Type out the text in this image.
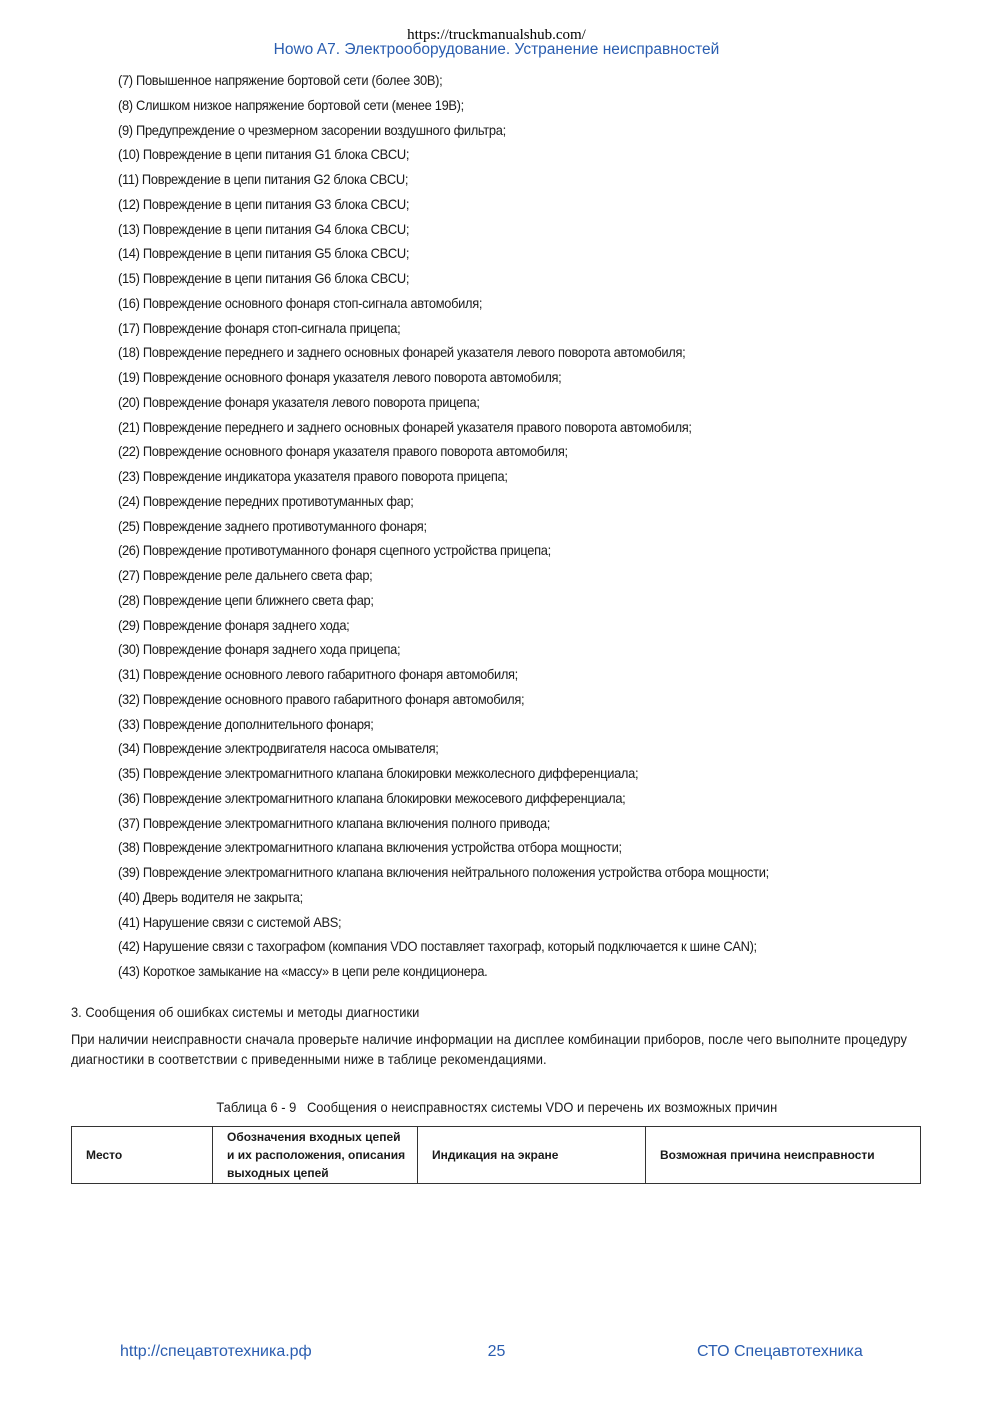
https://truckmanualshub.com/
Howo A7. Электрооборудование. Устранение неисправностей
(7) Повышенное напряжение бортовой сети (более 30В);
(8) Слишком низкое напряжение бортовой сети (менее 19В);
(9) Предупреждение о чрезмерном засорении воздушного фильтра;
(10) Повреждение в цепи питания G1 блока CBCU;
(11) Повреждение в цепи питания G2 блока CBCU;
(12) Повреждение в цепи питания G3 блока CBCU;
(13) Повреждение в цепи питания G4 блока CBCU;
(14) Повреждение в цепи питания G5 блока CBCU;
(15) Повреждение в цепи питания G6 блока CBCU;
(16) Повреждение основного фонаря стоп-сигнала автомобиля;
(17) Повреждение фонаря стоп-сигнала прицепа;
(18) Повреждение переднего и заднего основных фонарей указателя левого поворота автомобиля;
(19) Повреждение основного фонаря указателя левого поворота автомобиля;
(20) Повреждение фонаря указателя левого поворота прицепа;
(21) Повреждение переднего и заднего основных фонарей указателя правого поворота автомобиля;
(22) Повреждение основного фонаря указателя правого поворота автомобиля;
(23) Повреждение индикатора указателя правого поворота прицепа;
(24) Повреждение передних противотуманных фар;
(25) Повреждение заднего противотуманного фонаря;
(26) Повреждение противотуманного фонаря сцепного устройства прицепа;
(27) Повреждение реле дальнего света фар;
(28) Повреждение цепи ближнего света фар;
(29) Повреждение фонаря заднего хода;
(30) Повреждение фонаря заднего хода прицепа;
(31) Повреждение основного левого габаритного фонаря автомобиля;
(32) Повреждение основного правого габаритного фонаря автомобиля;
(33) Повреждение дополнительного фонаря;
(34) Повреждение электродвигателя насоса омывателя;
(35) Повреждение электромагнитного клапана блокировки межколесного дифференциала;
(36) Повреждение электромагнитного клапана блокировки межосевого дифференциала;
(37) Повреждение электромагнитного клапана включения полного привода;
(38) Повреждение электромагнитного клапана включения устройства отбора мощности;
(39) Повреждение электромагнитного клапана включения нейтрального положения устройства отбора мощности;
(40) Дверь водителя не закрыта;
(41) Нарушение связи с системой ABS;
(42) Нарушение связи с тахографом (компания VDO поставляет тахограф, который подключается к шине CAN);
(43) Короткое замыкание на «массу» в цепи реле кондиционера.
3. Сообщения об ошибках системы и методы диагностики
При наличии неисправности сначала проверьте наличие информации на дисплее комбинации приборов, после чего выполните процедуру диагностики в соответствии с приведенными ниже в таблице рекомендациями.
Таблица 6 - 9   Сообщения о неисправностях системы VDO и перечень их возможных причин
Место	Обозначения входных цепей и их расположения, описания выходных цепей	Индикация на экране	Возможная причина неисправности
http://спецавтотехника.рф	25	СТО Спецавтотехника
